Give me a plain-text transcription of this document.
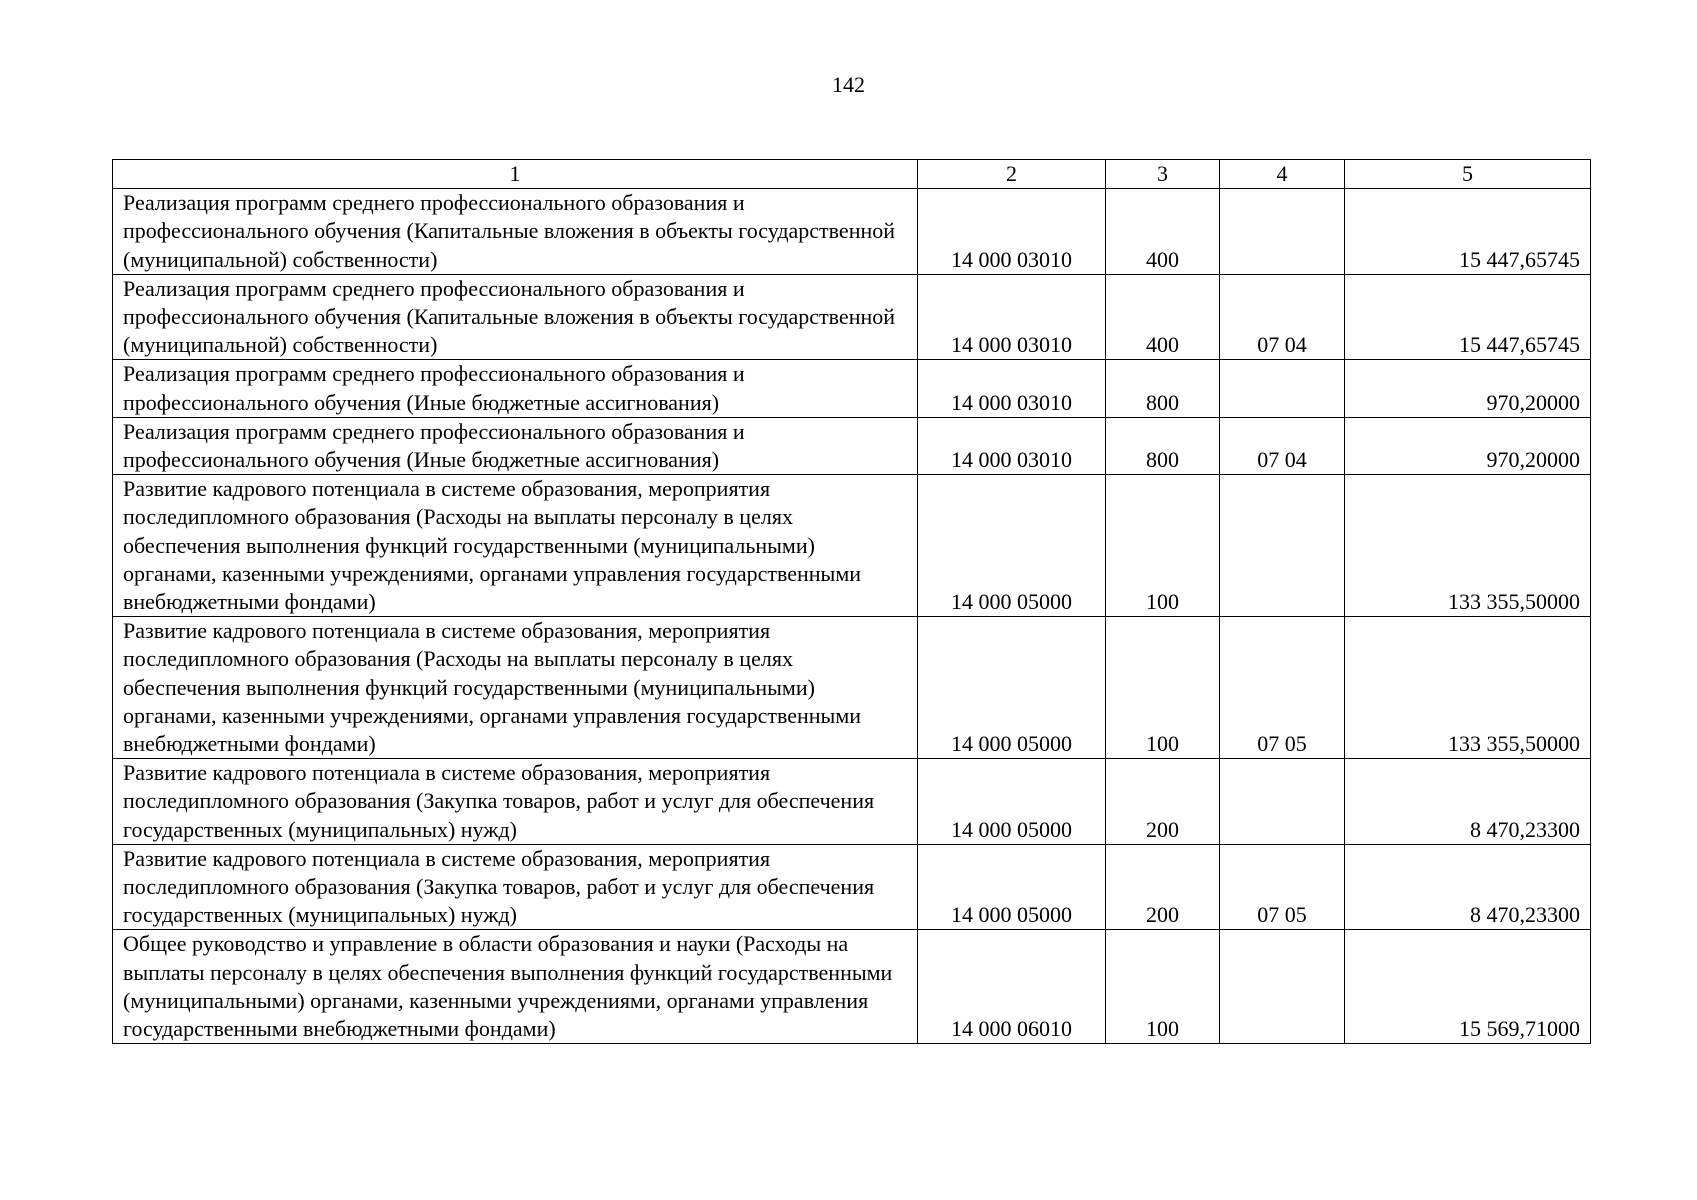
142
1	2	3	4	5
Реализация программ среднего профессионального образования и профессионального обучения (Капитальные вложения в объекты государственной (муниципальной) собственности)	14 000 03010	400		15 447,65745
Реализация программ среднего профессионального образования и профессионального обучения (Капитальные вложения в объекты государственной (муниципальной) собственности)	14 000 03010	400	07 04	15 447,65745
Реализация программ среднего профессионального образования и профессионального обучения (Иные бюджетные ассигнования)	14 000 03010	800		970,20000
Реализация программ среднего профессионального образования и профессионального обучения (Иные бюджетные ассигнования)	14 000 03010	800	07 04	970,20000
Развитие кадрового потенциала в системе образования, мероприятия последипломного образования (Расходы на выплаты персоналу в целях обеспечения выполнения функций государственными (муниципальными) органами, казенными учреждениями, органами управления государственными внебюджетными фондами)	14 000 05000	100		133 355,50000
Развитие кадрового потенциала в системе образования, мероприятия последипломного образования (Расходы на выплаты персоналу в целях обеспечения выполнения функций государственными (муниципальными) органами, казенными учреждениями, органами управления государственными внебюджетными фондами)	14 000 05000	100	07 05	133 355,50000
Развитие кадрового потенциала в системе образования, мероприятия последипломного образования (Закупка товаров, работ и услуг для обеспечения государственных (муниципальных) нужд)	14 000 05000	200		8 470,23300
Развитие кадрового потенциала в системе образования, мероприятия последипломного образования (Закупка товаров, работ и услуг для обеспечения государственных (муниципальных) нужд)	14 000 05000	200	07 05	8 470,23300
Общее руководство и управление в области образования и науки (Расходы на выплаты персоналу в целях обеспечения выполнения функций государственными (муниципальными) органами, казенными учреждениями, органами управления государственными внебюджетными фондами)	14 000 06010	100		15 569,71000
